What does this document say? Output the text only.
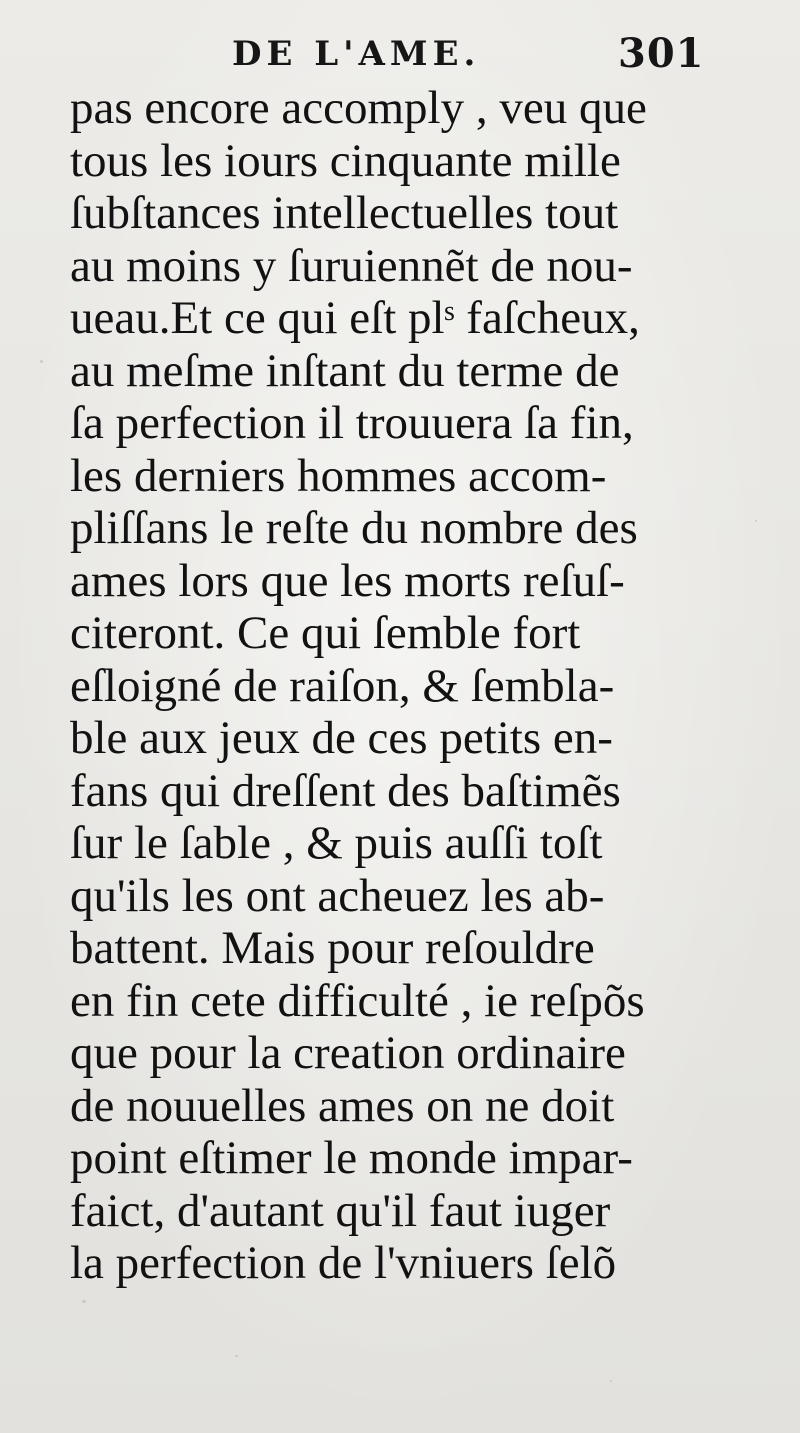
DE L'AME.	301
pas encore accomply , veu que
tous les iours cinquante mille
ſubſtances intellectuelles tout
au moins y ſuruiennẽt de nou-
ueau.Et ce qui eſt plˢ faſcheux,
au meſme inſtant du terme de
ſa perfection il trouuera ſa fin,
les derniers hommes accom-
pliſſans le reſte du nombre des
ames lors que les morts reſuſ-
citeront. Ce qui ſemble fort
eſloigné de raiſon, & ſembla-
ble aux jeux de ces petits en-
fans qui dreſſent des baſtimẽs
ſur le ſable , & puis auſſi toſt
qu'ils les ont acheuez les ab-
battent. Mais pour reſouldre
en fin cete difficulté , ie reſpõs
que pour la creation ordinaire
de nouuelles ames on ne doit
point eſtimer le monde impar-
faict, d'autant qu'il faut iuger
la perfection de l'vniuers ſelõ
